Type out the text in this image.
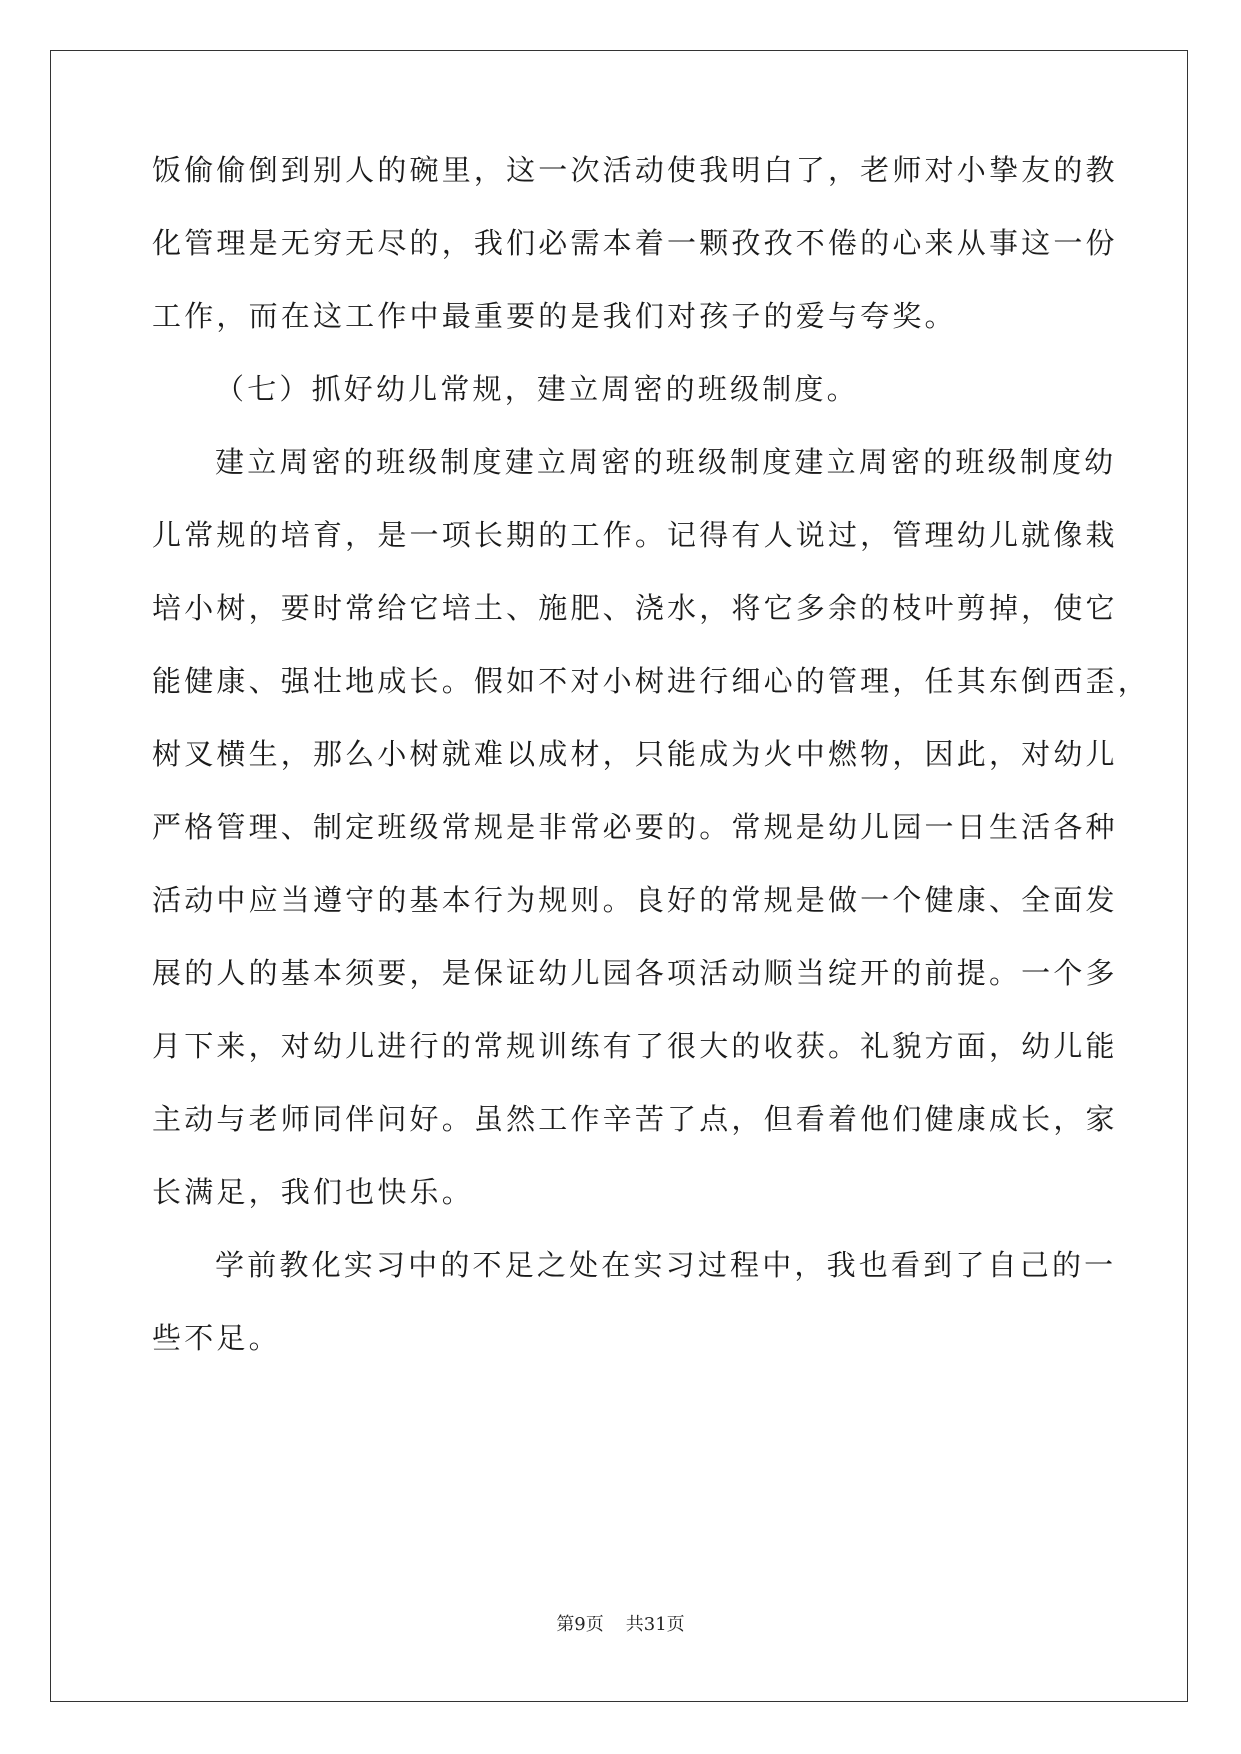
饭偷偷倒到别人的碗里，这一次活动使我明白了，老师对小挚友的教
化管理是无穷无尽的，我们必需本着一颗孜孜不倦的心来从事这一份
工作，而在这工作中最重要的是我们对孩子的爱与夸奖。
（七）抓好幼儿常规，建立周密的班级制度。
建立周密的班级制度建立周密的班级制度建立周密的班级制度幼
儿常规的培育，是一项长期的工作。记得有人说过，管理幼儿就像栽
培小树，要时常给它培土、施肥、浇水，将它多余的枝叶剪掉，使它
能健康、强壮地成长。假如不对小树进行细心的管理，任其东倒西歪，
树叉横生，那么小树就难以成材，只能成为火中燃物，因此，对幼儿
严格管理、制定班级常规是非常必要的。常规是幼儿园一日生活各种
活动中应当遵守的基本行为规则。良好的常规是做一个健康、全面发
展的人的基本须要，是保证幼儿园各项活动顺当绽开的前提。一个多
月下来，对幼儿进行的常规训练有了很大的收获。礼貌方面，幼儿能
主动与老师同伴问好。虽然工作辛苦了点，但看着他们健康成长，家
长满足，我们也快乐。
学前教化实习中的不足之处在实习过程中，我也看到了自己的一
些不足。
第9页 共31页
